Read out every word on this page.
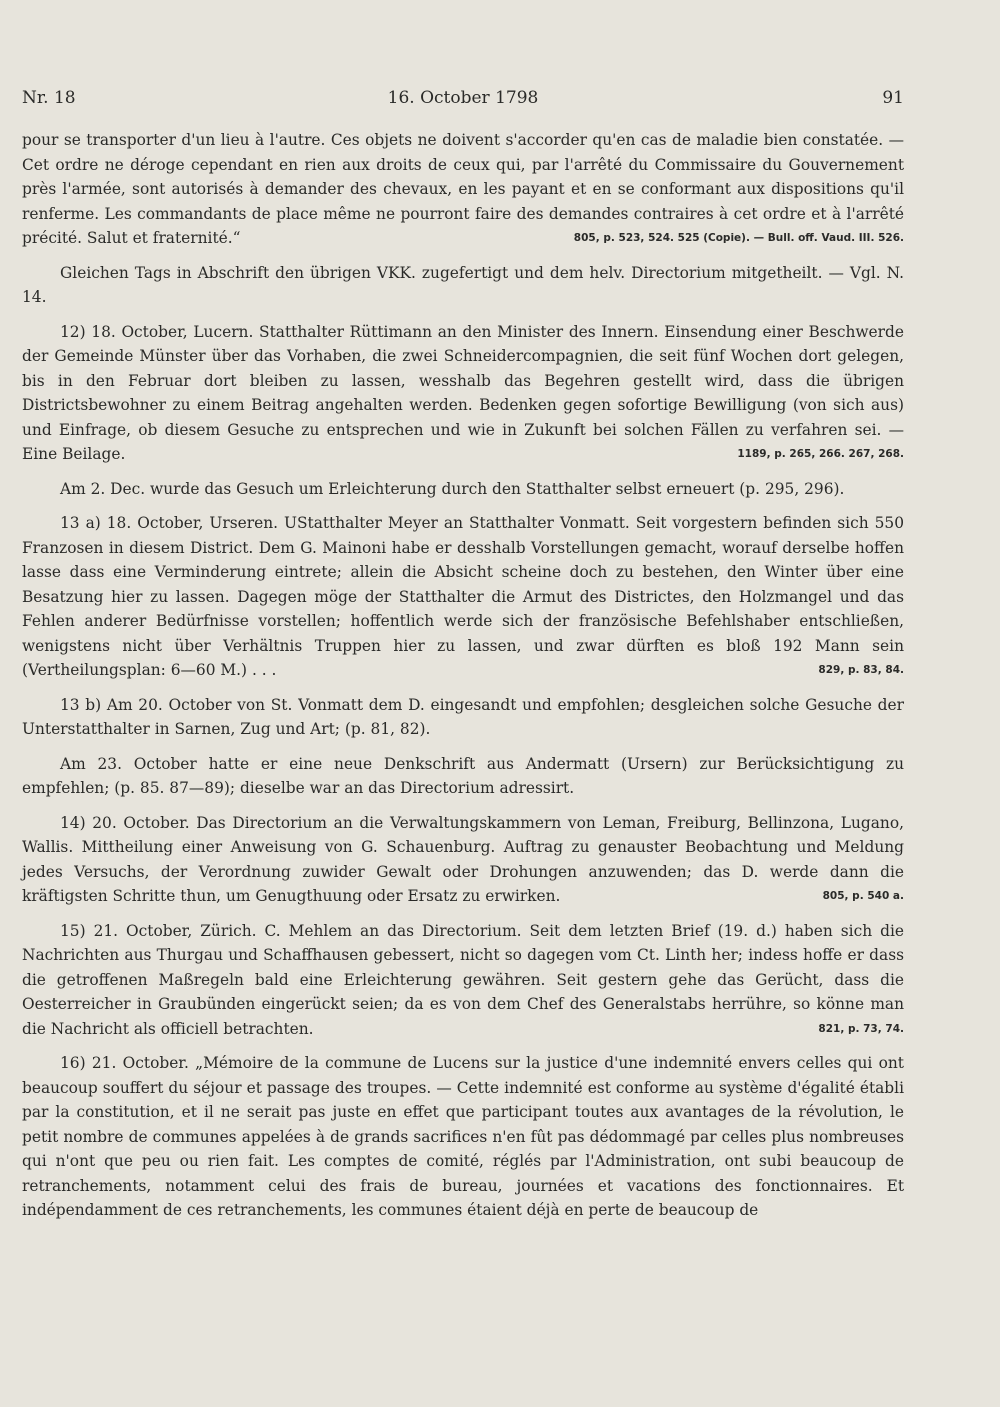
Nr. 18	16. October 1798	91

pour se transporter d'un lieu à l'autre. Ces objets ne doivent s'accorder qu'en cas de maladie bien constatée. — Cet ordre ne déroge cependant en rien aux droits de ceux qui, par l'arrêté du Commissaire du Gouvernement près l'armée, sont autorisés à demander des chevaux, en les payant et en se conformant aux dispositions qu'il renferme. Les commandants de place même ne pourront faire des demandes contraires à cet ordre et à l'arrêté précité. Salut et fraternité.“	805, p. 523, 524. 525 (Copie). — Bull. off. Vaud. III. 526.

Gleichen Tags in Abschrift den übrigen VKK. zugefertigt und dem helv. Directorium mitgetheilt. — Vgl. N. 14.

12) 18. October, Lucern. Statthalter Rüttimann an den Minister des Innern. Einsendung einer Beschwerde der Gemeinde Münster über das Vorhaben, die zwei Schneidercompagnien, die seit fünf Wochen dort gelegen, bis in den Februar dort bleiben zu lassen, wesshalb das Begehren gestellt wird, dass die übrigen Districtsbewohner zu einem Beitrag angehalten werden. Bedenken gegen sofortige Bewilligung (von sich aus) und Einfrage, ob diesem Gesuche zu entsprechen und wie in Zukunft bei solchen Fällen zu verfahren sei. — Eine Beilage.	1189, p. 265, 266. 267, 268.

Am 2. Dec. wurde das Gesuch um Erleichterung durch den Statthalter selbst erneuert (p. 295, 296).

13 a) 18. October, Urseren. UStatthalter Meyer an Statthalter Vonmatt. Seit vorgestern befinden sich 550 Franzosen in diesem District. Dem G. Mainoni habe er desshalb Vorstellungen gemacht, worauf derselbe hoffen lasse dass eine Verminderung eintrete; allein die Absicht scheine doch zu bestehen, den Winter über eine Besatzung hier zu lassen. Dagegen möge der Statthalter die Armut des Districtes, den Holzmangel und das Fehlen anderer Bedürfnisse vorstellen; hoffentlich werde sich der französische Befehlshaber entschließen, wenigstens nicht über Verhältnis Truppen hier zu lassen, und zwar dürften es bloß 192 Mann sein (Vertheilungsplan: 6—60 M.) . . .	829, p. 83, 84.

13 b) Am 20. October von St. Vonmatt dem D. eingesandt und empfohlen; desgleichen solche Gesuche der Unterstatthalter in Sarnen, Zug und Art; (p. 81, 82).

Am 23. October hatte er eine neue Denkschrift aus Andermatt (Ursern) zur Berücksichtigung zu empfehlen; (p. 85. 87—89); dieselbe war an das Directorium adressirt.

14) 20. October. Das Directorium an die Verwaltungskammern von Leman, Freiburg, Bellinzona, Lugano, Wallis. Mittheilung einer Anweisung von G. Schauenburg. Auftrag zu genauster Beobachtung und Meldung jedes Versuchs, der Verordnung zuwider Gewalt oder Drohungen anzuwenden; das D. werde dann die kräftigsten Schritte thun, um Genugthuung oder Ersatz zu erwirken.	805, p. 540 a.

15) 21. October, Zürich. C. Mehlem an das Directorium. Seit dem letzten Brief (19. d.) haben sich die Nachrichten aus Thurgau und Schaffhausen gebessert, nicht so dagegen vom Ct. Linth her; indess hoffe er dass die getroffenen Maßregeln bald eine Erleichterung gewähren. Seit gestern gehe das Gerücht, dass die Oesterreicher in Graubünden eingerückt seien; da es von dem Chef des Generalstabs herrühre, so könne man die Nachricht als officiell betrachten.	821, p. 73, 74.

16) 21. October. „Mémoire de la commune de Lucens sur la justice d'une indemnité envers celles qui ont beaucoup souffert du séjour et passage des troupes. — Cette indemnité est conforme au système d'égalité établi par la constitution, et il ne serait pas juste en effet que participant toutes aux avantages de la révolution, le petit nombre de communes appelées à de grands sacrifices n'en fût pas dédommagé par celles plus nombreuses qui n'ont que peu ou rien fait. Les comptes de comité, réglés par l'Administration, ont subi beaucoup de retranchements, notamment celui des frais de bureau, journées et vacations des fonctionnaires. Et indépendamment de ces retranchements, les communes étaient déjà en perte de beaucoup de
